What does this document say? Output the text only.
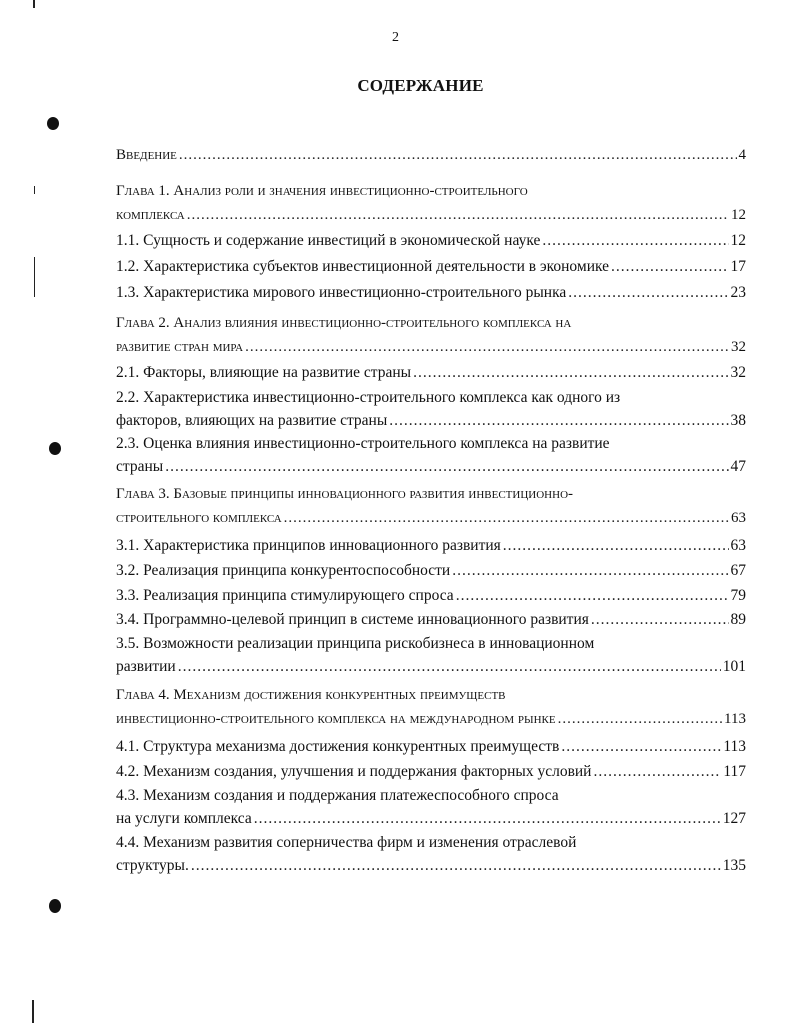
2
СОДЕРЖАНИЕ
Введение .....	4
Глава 1. Анализ роли и значения инвестиционно-строительного
комплекса .....	12
1.1. Сущность и содержание инвестиций в экономической науке .....	12
1.2. Характеристика субъектов инвестиционной деятельности в экономике .....	17
1.3. Характеристика мирового инвестиционно-строительного рынка .....	23
Глава 2. Анализ влияния инвестиционно-строительного комплекса на
развитие стран мира .....	32
2.1. Факторы, влияющие на развитие страны .....	32
2.2. Характеристика инвестиционно-строительного комплекса как одного из
факторов, влияющих на развитие страны .....	38
2.3. Оценка влияния инвестиционно-строительного комплекса на развитие
страны .....	47
Глава 3. Базовые принципы инновационного развития инвестиционно-
строительного комплекса .....	63
3.1. Характеристика принципов инновационного развития .....	63
3.2. Реализация принципа конкурентоспособности .....	67
3.3. Реализация принципа стимулирующего спроса .....	79
3.4. Программно-целевой принцип в системе инновационного развития .....	89
3.5. Возможности реализации принципа рискобизнеса в инновационном
развитии .....	101
Глава 4. Механизм достижения конкурентных преимуществ
инвестиционно-строительного комплекса на международном рынке .....	113
4.1. Структура механизма достижения конкурентных преимуществ .....	113
4.2. Механизм создания, улучшения и поддержания факторных условий .....	117
4.3. Механизм создания и поддержания платежеспособного спроса
на услуги комплекса .....	127
4.4. Механизм развития соперничества фирм и изменения отраслевой
структуры. .....	135
